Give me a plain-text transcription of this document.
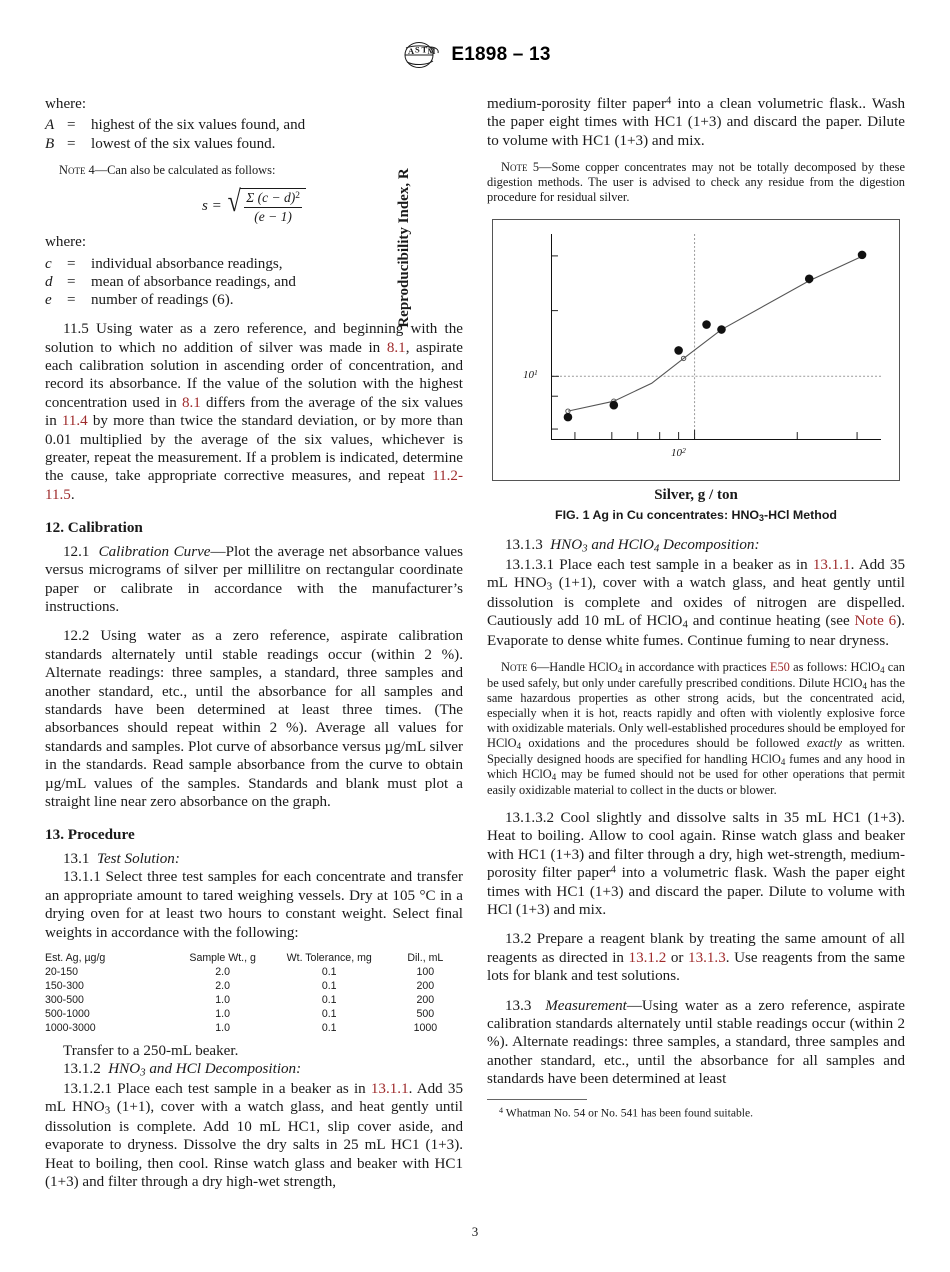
A S T M E1898 – 13

where:

A =	highest of the six values found, and
B =	lowest of the six values found.

Note 4—Can also be calculated as follows:

s = √ $\frac{\Sigma (c - d)^2}{(e - 1)}$

where:

c	=	individual absorbance readings,
d =	mean of absorbance readings, and
e	=	number of readings (6).

11.5 Using water as a zero reference, and beginning with the solution to which no addition of silver was made in 8.1, aspirate each calibration solution in ascending order of concentration, and record its absorbance. If the value of the solution with the highest concentration used in 8.1 differs from the average of the six values in 11.4 by more than twice the standard deviation, or by more than 0.01 multiplied by the average of the six values, whichever is greater, repeat the measurement. If a problem is indicated, determine the cause, take appropriate corrective measures, and repeat 11.2-11.5.

12. Calibration

12.1 Calibration Curve—Plot the average net absorbance values versus micrograms of silver per millilitre on rectangular coordinate paper or calibrate in accordance with the manufacturer’s instructions.

12.2 Using water as a zero reference, aspirate calibration standards alternately until stable readings occur (within 2 %). Alternate readings: three samples, a standard, three samples and another standard, etc., until the absorbance for all samples and standards have been determined at least three times. (The absorbances should repeat within 2 %). Average all values for standards and samples. Plot curve of absorbance versus µg/mL silver in the standards. Read sample absorbance from the curve to obtain µg/mL values of the samples. Standards and blank must plot a straight line near zero absorbance on the graph.

13. Procedure

13.1 Test Solution:

13.1.1 Select three test samples for each concentrate and transfer an appropriate amount to tared weighing vessels. Dry at 105 °C in a drying oven for at least two hours to constant weight. Select final weights in accordance with the following:

Est. Ag, µg/g	Sample Wt., g	Wt. Tolerance, mg	Dil., mL
20-150	2.0	0.1	100
150-300	2.0	0.1	200
300-500	1.0	0.1	200
500-1000	1.0	0.1	500
1000-3000	1.0	0.1	1000

Transfer to a 250-mL beaker.

13.1.2 $HNO_3$ and HCl Decomposition:

13.1.2.1 Place each test sample in a beaker as in 13.1.1. Add 35 mL $HNO_3$ (1+1), cover with a watch glass, and heat gently until dissolution is complete. Add 10 mL HC1, slip cover aside, and evaporate to dryness. Dissolve the dry salts in 25 mL HC1 (1+3). Heat to boiling, then cool. Rinse watch glass and beaker with HC1 (1+3) and filter through a dry high-wet strength,

medium-porosity filter paper$^4$ into a clean volumetric flask.. Wash the paper eight times with HC1 (1+3) and discard the paper. Dilute to volume with HC1 (1+3) and mix.

Note 5—Some copper concentrates may not be totally decomposed by these digestion methods. The user is advised to check any residue from the digestion procedure for residual silver.

Reproducibility Index, R
$10^1$
$10^2$
Silver, g / ton
FIG. 1 Ag in Cu concentrates: $HNO_3$-HCl Method

13.1.3 $HNO_3$ and HClO$_4$ Decomposition:

13.1.3.1 Place each test sample in a beaker as in 13.1.1. Add 35 mL $HNO_3$ (1+1), cover with a watch glass, and heat gently until dissolution is complete and oxides of nitrogen are dispelled. Cautiously add 10 mL of HClO$_4$ and continue heating (see Note 6). Evaporate to dense white fumes. Continue fuming to near dryness.

Note 6—Handle HClO$_4$ in accordance with practices E50 as follows: HClO$_4$ can be used safely, but only under carefully prescribed conditions. Dilute HClO$_4$ has the same hazardous properties as other strong acids, but the concentrated acid, especially when it is hot, reacts rapidly and often with violently explosive force with oxidizable materials. Only well-established procedures should be employed for HClO$_4$ oxidations and the procedures should be followed exactly as written. Specially designed hoods are specified for handling HClO$_4$ fumes and any hood in which HClO$_4$ may be fumed should not be used for other operations that permit easily oxidizable material to collect in the ducts or blower.

13.1.3.2 Cool slightly and dissolve salts in 35 mL HC1 (1+3). Heat to boiling. Allow to cool again. Rinse watch glass and beaker with HC1 (1+3) and filter through a dry, high wet-strength, medium- porosity filter paper$^4$ into a volumetric flask. Wash the paper eight times with HC1 (1+3) and discard the paper. Dilute to volume with HCl (1+3) and mix.

13.2 Prepare a reagent blank by treating the same amount of all reagents as directed in 13.1.2 or 13.1.3. Use reagents from the same lots for blank and test solutions.

13.3 Measurement—Using water as a zero reference, aspirate calibration standards alternately until stable readings occur (within 2 %). Alternate readings: three samples, a standard, three samples and another standard, etc., until the absorbance for all samples and standards have been determined at least

$^4$ Whatman No. 54 or No. 541 has been found suitable.

3
